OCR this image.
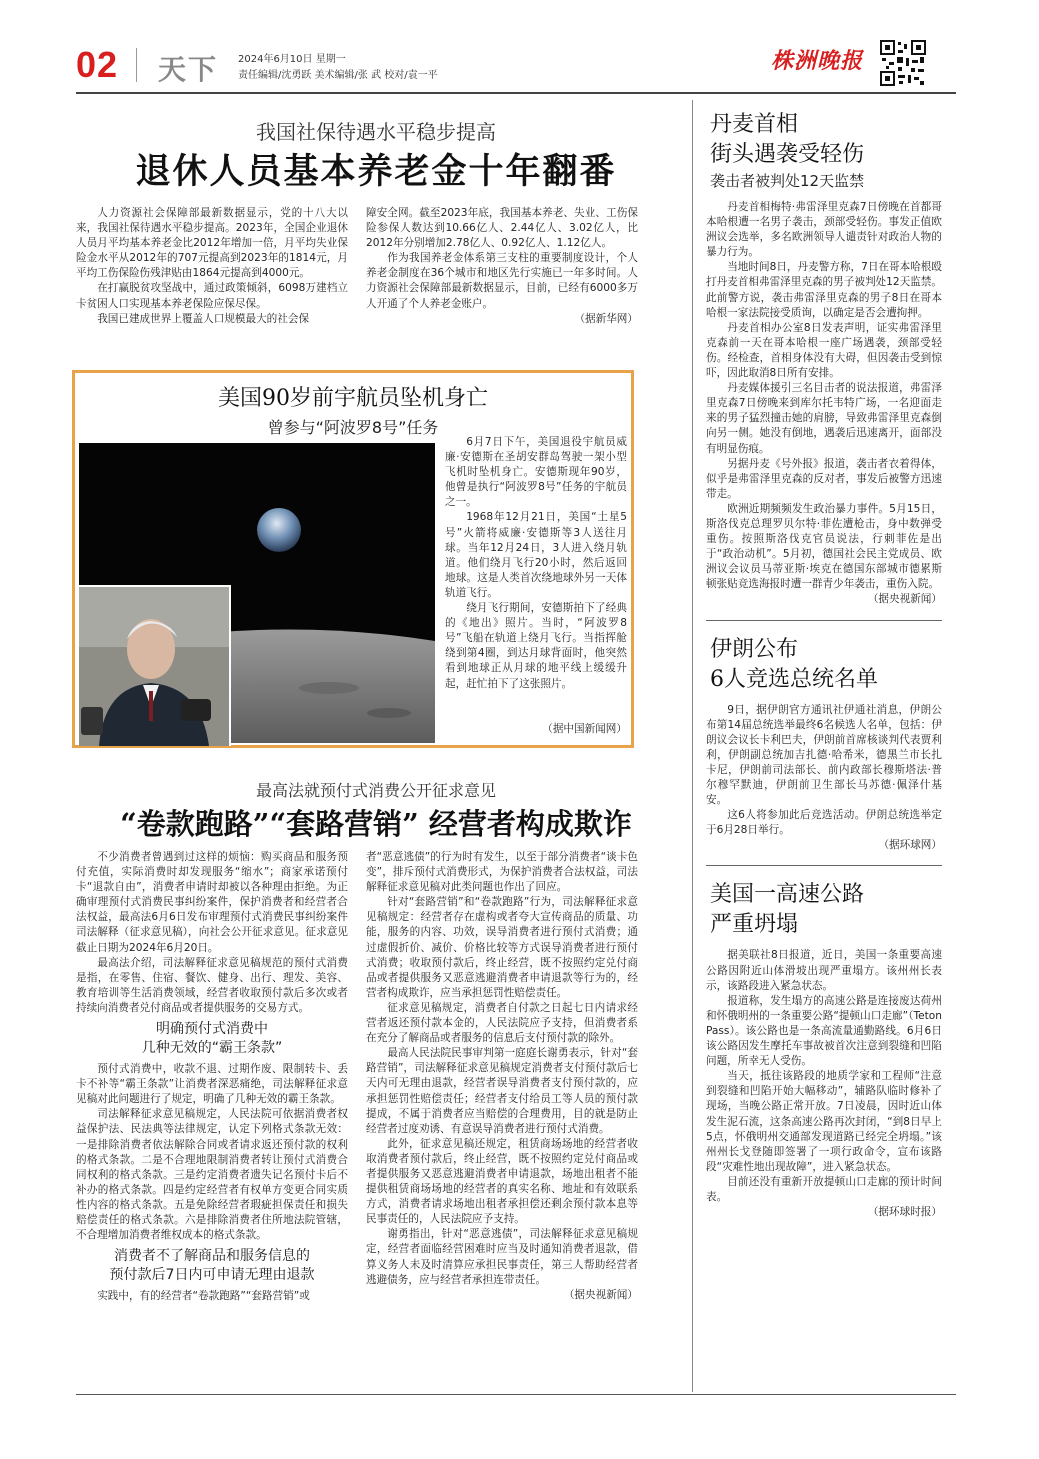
02 天下 2024年6月10日 星期一
责任编辑/沈勇跃 美术编辑/张 武 校对/袁一平
株洲晚报
我国社保待遇水平稳步提高
退休人员基本养老金十年翻番

人力资源社会保障部最新数据显示，党的十八大以来，我国社保待遇水平稳步提高。2023年，全国企业退休人员月平均基本养老金比2012年增加一倍，月平均失业保险金水平从2012年的707元提高到2023年的1814元，月平均工伤保险伤残津贴由1864元提高到4000元。

在打赢脱贫攻坚战中，通过政策倾斜，6098万建档立卡贫困人口实现基本养老保险应保尽保。

我国已建成世界上覆盖人口规模最大的社会保

障安全网。截至2023年底，我国基本养老、失业、工伤保险参保人数达到10.66亿人、2.44亿人、3.02亿人，比2012年分别增加2.78亿人、0.92亿人、1.12亿人。

作为我国养老金体系第三支柱的重要制度设计，个人养老金制度在36个城市和地区先行实施已一年多时间。人力资源社会保障部最新数据显示，目前，已经有6000多万人开通了个人养老金账户。

（据新华网）

美国90岁前宇航员坠机身亡
曾参与“阿波罗8号”任务

6月7日下午，美国退役宇航员威廉·安德斯在圣胡安群岛驾驶一架小型飞机时坠机身亡。安德斯现年90岁，他曾是执行“阿波罗8号”任务的宇航员之一。

1968年12月21日，美国“土星5号”火箭将威廉·安德斯等3人送往月球。当年12月24日，3人进入绕月轨道。他们绕月飞行20小时，然后返回地球。这是人类首次绕地球外另一天体轨道飞行。

绕月飞行期间，安德斯拍下了经典的《地出》照片。当时，“阿波罗8号”飞船在轨道上绕月飞行。当指挥舱绕到第4圈，到达月球背面时，他突然看到地球正从月球的地平线上缓缓升起，赶忙拍下了这张照片。

（据中国新闻网）
最高法就预付式消费公开征求意见
“卷款跑路”“套路营销” 经营者构成欺诈

不少消费者曾遇到过这样的烦恼：购买商品和服务预付充值，实际消费时却发现服务“缩水”；商家承诺预付卡“退款自由”，消费者申请时却被以各种理由拒绝。为正确审理预付式消费民事纠纷案件，保护消费者和经营者合法权益，最高法6月6日发布审理预付式消费民事纠纷案件司法解释（征求意见稿），向社会公开征求意见。征求意见截止日期为2024年6月20日。

最高法介绍，司法解释征求意见稿规范的预付式消费是指，在零售、住宿、餐饮、健身、出行、理发、美容、教育培训等生活消费领域，经营者收取预付款后多次或者持续向消费者兑付商品或者提供服务的交易方式。

明确预付式消费中
几种无效的“霸王条款”

预付式消费中，收款不退、过期作废、限制转卡、丢卡不补等“霸王条款”让消费者深恶痛绝，司法解释征求意见稿对此问题进行了规定，明确了几种无效的霸王条款。

司法解释征求意见稿规定，人民法院可依据消费者权益保护法、民法典等法律规定，认定下列格式条款无效：一是排除消费者依法解除合同或者请求返还预付款的权利的格式条款。二是不合理地限制消费者转让预付式消费合同权利的格式条款。三是约定消费者遗失记名预付卡后不补办的格式条款。四是约定经营者有权单方变更合同实质性内容的格式条款。五是免除经营者瑕疵担保责任和损失赔偿责任的格式条款。六是排除消费者住所地法院管辖，不合理增加消费者维权成本的格式条款。

消费者不了解商品和服务信息的
预付款后7日内可申请无理由退款

实践中，有的经营者“卷款跑路”“套路营销”或

者“恶意逃债”的行为时有发生，以至于部分消费者“谈卡色变”，排斥预付式消费形式，为保护消费者合法权益，司法解释征求意见稿对此类问题也作出了回应。

针对“套路营销”和“卷款跑路”行为，司法解释征求意见稿规定：经营者存在虚构或者夸大宣传商品的质量、功能，服务的内容、功效，误导消费者进行预付式消费；通过虚假折价、减价、价格比较等方式误导消费者进行预付式消费；收取预付款后，终止经营，既不按照约定兑付商品或者提供服务又恶意逃避消费者申请退款等行为的，经营者构成欺诈，应当承担惩罚性赔偿责任。

征求意见稿规定，消费者自付款之日起七日内请求经营者返还预付款本金的，人民法院应予支持，但消费者系在充分了解商品或者服务的信息后支付预付款的除外。

最高人民法院民事审判第一庭庭长谢勇表示，针对“套路营销”，司法解释征求意见稿规定消费者支付预付款后七天内可无理由退款，经营者误导消费者支付预付款的，应承担惩罚性赔偿责任；经营者支付给员工等人员的预付款提成，不属于消费者应当赔偿的合理费用，目的就是防止经营者过度劝诱、有意误导消费者进行预付式消费。

此外，征求意见稿还规定，租赁商场场地的经营者收取消费者预付款后，终止经营，既不按照约定兑付商品或者提供服务又恶意逃避消费者申请退款，场地出租者不能提供租赁商场场地的经营者的真实名称、地址和有效联系方式，消费者请求场地出租者承担偿还剩余预付款本息等民事责任的，人民法院应予支持。

谢勇指出，针对“恶意逃债”，司法解释征求意见稿规定，经营者面临经营困难时应当及时通知消费者退款，借算义务人未及时清算应承担民事责任，第三人帮助经营者逃避债务，应与经营者承担连带责任。

（据央视新闻）

丹麦首相
街头遇袭受轻伤
袭击者被判处12天监禁

丹麦首相梅特·弗雷泽里克森7日傍晚在首都哥本哈根遭一名男子袭击，颈部受轻伤。事发正值欧洲议会选举，多名欧洲领导人谴责针对政治人物的暴力行为。

当地时间8日，丹麦警方称，7日在哥本哈根殴打丹麦首相弗雷泽里克森的男子被判处12天监禁。此前警方说，袭击弗雷泽里克森的男子8日在哥本哈根一家法院接受质询，以确定是否会遭拘押。

丹麦首相办公室8日发表声明，证实弗雷泽里克森前一天在哥本哈根一座广场遇袭，颈部受轻伤。经检查，首相身体没有大碍，但因袭击受到惊吓，因此取消8日所有安排。

丹麦媒体援引三名目击者的说法报道，弗雷泽里克森7日傍晚来到库尔托韦特广场，一名迎面走来的男子猛烈撞击她的肩膀，导致弗雷泽里克森倒向另一侧。她没有倒地，遇袭后迅速离开，面部没有明显伤痕。

另据丹麦《号外报》报道，袭击者衣着得体，似乎是弗雷泽里克森的反对者，事发后被警方迅速带走。

欧洲近期频频发生政治暴力事件。5月15日，斯洛伐克总理罗贝尔特·菲佐遭枪击，身中数弹受重伤。按照斯洛伐克官员说法，行刺菲佐是出于“政治动机”。5月初，德国社会民主党成员、欧洲议会议员马蒂亚斯·埃克在德国东部城市德累斯顿张贴竞选海报时遭一群青少年袭击，重伤入院。

（据央视新闻）

伊朗公布
6人竞选总统名单

9日，据伊朗官方通讯社伊通社消息，伊朗公布第14届总统选举最终6名候选人名单，包括：伊朗议会议长卡利巴夫，伊朗前首席核谈判代表贾利利，伊朗副总统加吉扎德·哈希米，德黑兰市长扎卡尼，伊朗前司法部长、前内政部长穆斯塔法·普尔穆罕默迪，伊朗前卫生部长马苏德·佩泽什基安。

这6人将参加此后竞选活动。伊朗总统选举定于6月28日举行。

（据环球网）

美国一高速公路
严重坍塌

据美联社8日报道，近日，美国一条重要高速公路因附近山体滑坡出现严重塌方。该州州长表示，该路段进入紧急状态。

报道称，发生塌方的高速公路是连接废达荷州和怀俄明州的一条重要公路“提顿山口走廊”（Teton Pass）。该公路也是一条高流量通勤路线。6月6日该公路因发生摩托车事故被首次注意到裂缝和凹陷问题，所幸无人受伤。

当天，抵往该路段的地质学家和工程师“注意到裂缝和凹陷开始大幅移动”，辅路队临时修补了现场，当晚公路正常开放。7日凌晨，因时近山体发生泥石流，这条高速公路再次封闭，“到8日早上5点，怀俄明州交通部发现道路已经完全坍塌。”该州州长戈登随即签署了一项行政命令，宣布该路段“灾难性地出现故障”，进入紧急状态。

目前还没有重新开放提顿山口走廊的预计时间表。

（据环球时报）
